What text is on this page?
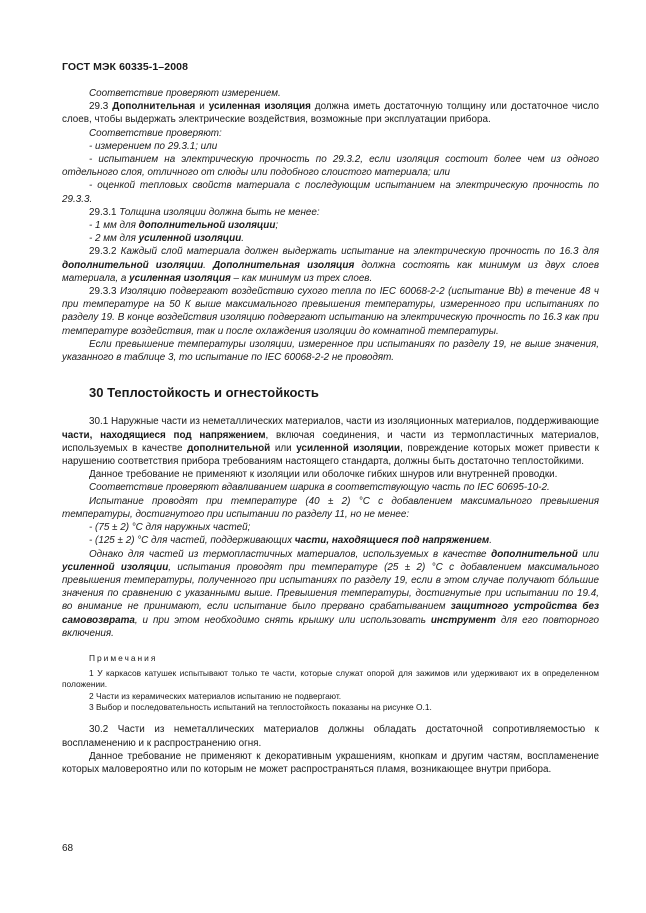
ГОСТ МЭК 60335-1–2008

Соответствие проверяют измерением.

29.3 Дополнительная и усиленная изоляция должна иметь достаточную толщину или достаточное число слоев, чтобы выдержать электрические воздействия, возможные при эксплуатации прибора.

Соответствие проверяют:

- измерением по 29.3.1; или

- испытанием на электрическую прочность по 29.3.2, если изоляция состоит более чем из одного отдельного слоя, отличного от слюды или подобного слоистого материала; или

- оценкой тепловых свойств материала с последующим испытанием на электрическую прочность по 29.3.3.

29.3.1 Толщина изоляции должна быть не менее:

- 1 мм для дополнительной изоляции;

- 2 мм для усиленной изоляции.

29.3.2 Каждый слой материала должен выдержать испытание на электрическую прочность по 16.3 для дополнительной изоляции. Дополнительная изоляция должна состоять как минимум из двух слоев материала, а усиленная изоляция – как минимум из трех слоев.

29.3.3 Изоляцию подвергают воздействию сухого тепла по IEC 60068-2-2 (испытание Bb) в течение 48 ч при температуре на 50 К выше максимального превышения температуры, измеренного при испытаниях по разделу 19. В конце воздействия изоляцию подвергают испытанию на электрическую прочность по 16.3 как при температуре воздействия, так и после охлаждения изоляции до комнатной температуры.

Если превышение температуры изоляции, измеренное при испытаниях по разделу 19, не выше значения, указанного в таблице 3, то испытание по IEC 60068-2-2 не проводят.

30 Теплостойкость и огнестойкость

30.1 Наружные части из неметаллических материалов, части из изоляционных материалов, поддерживающие части, находящиеся под напряжением, включая соединения, и части из термопластичных материалов, используемых в качестве дополнительной или усиленной изоляции, повреждение которых может привести к нарушению соответствия прибора требованиям настоящего стандарта, должны быть достаточно теплостойкими.

Данное требование не применяют к изоляции или оболочке гибких шнуров или внутренней проводки.

Соответствие проверяют вдавливанием шарика в соответствующую часть по IEC 60695-10-2.

Испытание проводят при температуре (40 ± 2) °С с добавлением максимального превышения температуры, достигнутого при испытании по разделу 11, но не менее:

- (75 ± 2) °С для наружных частей;

- (125 ± 2) °С для частей, поддерживающих части, находящиеся под напряжением.

Однако для частей из термопластичных материалов, используемых в качестве дополнительной или усиленной изоляции, испытания проводят при температуре (25 ± 2) °С с добавлением максимального превышения температуры, полученного при испытаниях по разделу 19, если в этом случае получают бóльшие значения по сравнению с указанными выше. Превышения температуры, достигнутые при испытании по 19.4, во внимание не принимают, если испытание было прервано срабатыванием защитного устройства без самовозврата, и при этом необходимо снять крышку или использовать инструмент для его повторного включения.

Примечания
1 У каркасов катушек испытывают только те части, которые служат опорой для зажимов или удерживают их в определенном положении.
2 Части из керамических материалов испытанию не подвергают.
3 Выбор и последовательность испытаний на теплостойкость показаны на рисунке О.1.

30.2 Части из неметаллических материалов должны обладать достаточной сопротивляемостью к воспламенению и к распространению огня.

Данное требование не применяют к декоративным украшениям, кнопкам и другим частям, воспламенение которых маловероятно или по которым не может распространяться пламя, возникающее внутри прибора.

68
